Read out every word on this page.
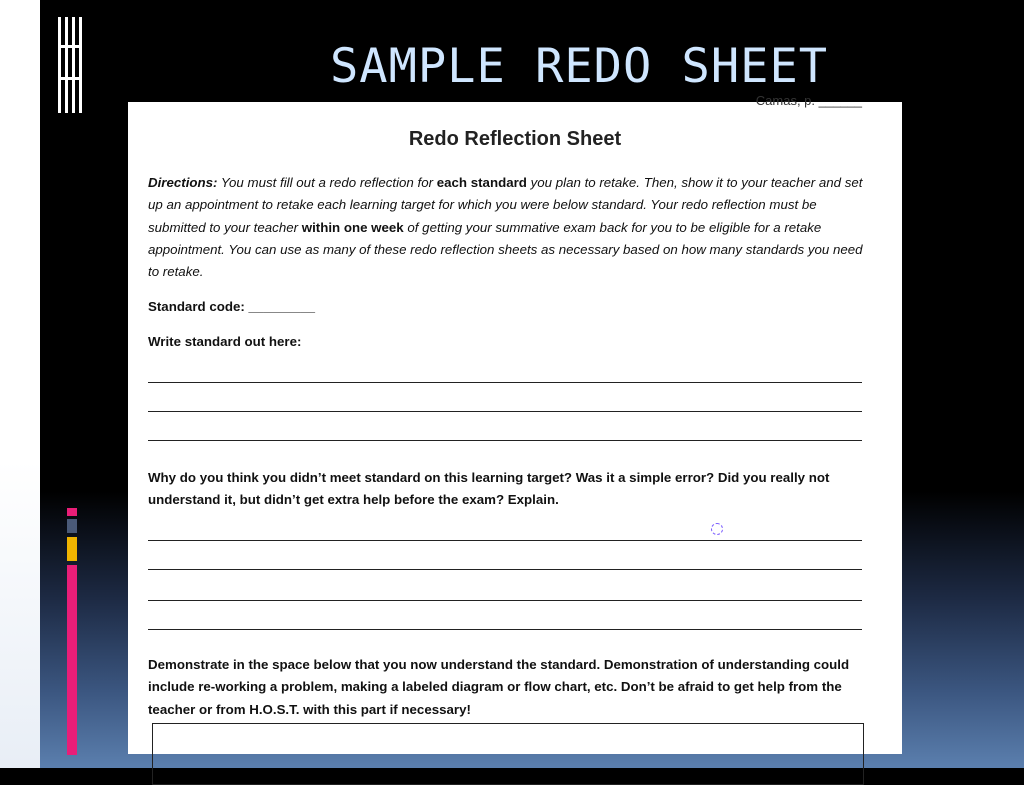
SAMPLE REDO SHEET
Camas, p. ______
Redo Reflection Sheet
Directions: You must fill out a redo reflection for each standard you plan to retake. Then, show it to your teacher and set up an appointment to retake each learning target for which you were below standard. Your redo reflection must be submitted to your teacher within one week of getting your summative exam back for you to be eligible for a retake appointment. You can use as many of these redo reflection sheets as necessary based on how many standards you need to retake.
Standard code: _________
Write standard out here:
Why do you think you didn’t meet standard on this learning target? Was it a simple error? Did you really not understand it, but didn’t get extra help before the exam? Explain.
Demonstrate in the space below that you now understand the standard. Demonstration of understanding could include re-working a problem, making a labeled diagram or flow chart, etc. Don’t be afraid to get help from the teacher or from H.O.S.T. with this part if necessary!
